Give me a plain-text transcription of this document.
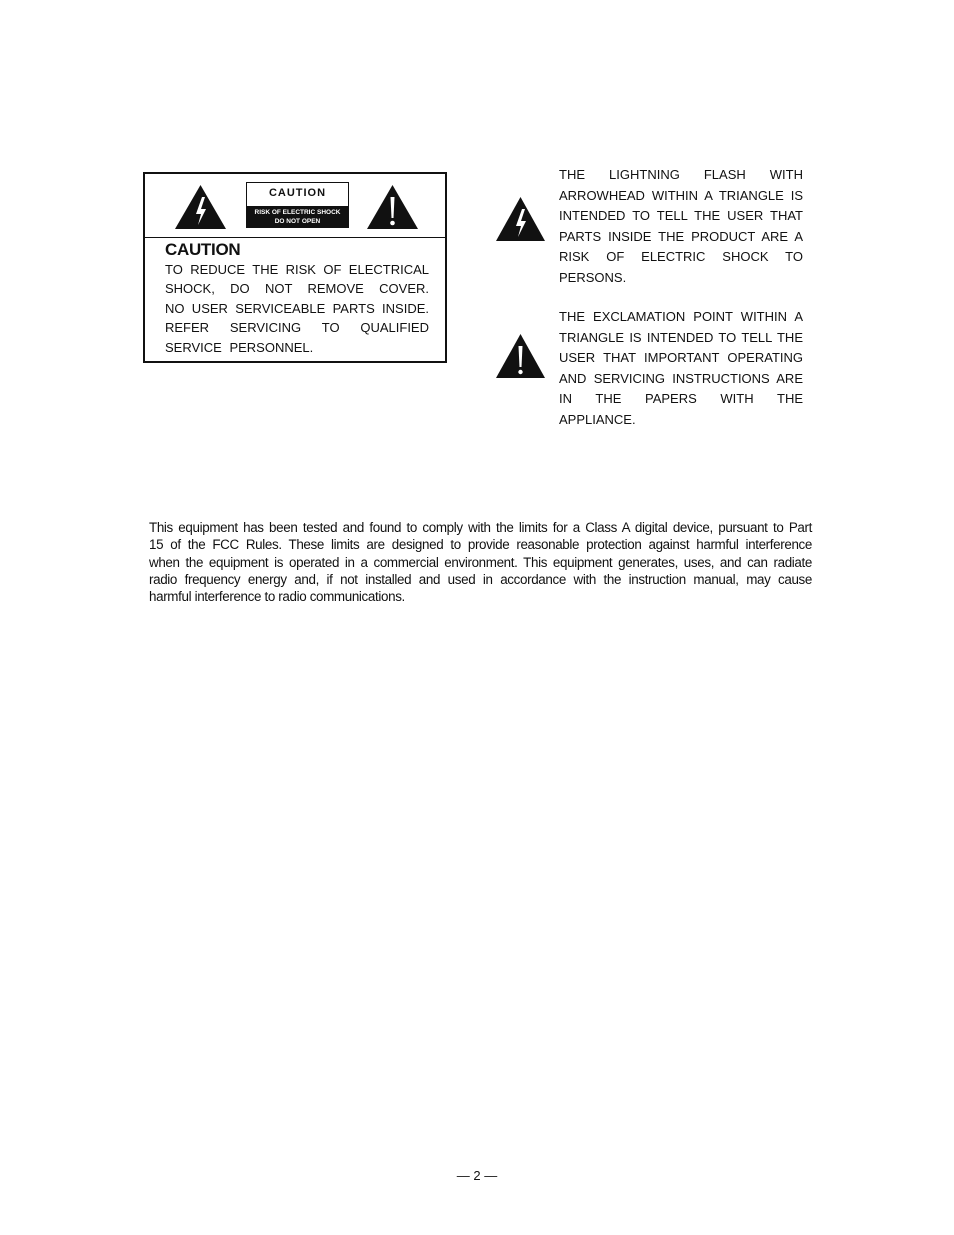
CAUTION
RISK OF ELECTRIC SHOCK
DO NOT OPEN
CAUTION
TO REDUCE THE RISK OF ELECTRICAL
SHOCK, DO NOT REMOVE COVER.
NO USER SERVICEABLE PARTS INSIDE.
REFER SERVICING TO QUALIFIED
SERVICE PERSONNEL.
THE LIGHTNING FLASH WITH
ARROWHEAD WITHIN A TRIANGLE IS
INTENDED TO TELL THE USER THAT
PARTS INSIDE THE PRODUCT ARE A
RISK OF ELECTRIC SHOCK TO
PERSONS.
THE EXCLAMATION POINT WITHIN A
TRIANGLE IS INTENDED TO TELL THE
USER THAT IMPORTANT OPERATING
AND SERVICING INSTRUCTIONS ARE
IN THE PAPERS WITH THE
APPLIANCE.
This equipment has been tested and found to comply with the limits for a Class A digital device, pursuant to Part
15 of the FCC Rules. These limits are designed to provide reasonable protection against harmful interference
when the equipment is operated in a commercial environment. This equipment generates, uses, and can radiate
radio frequency energy and, if not installed and used in accordance with the instruction manual, may cause
harmful interference to radio communications.
— 2 —
